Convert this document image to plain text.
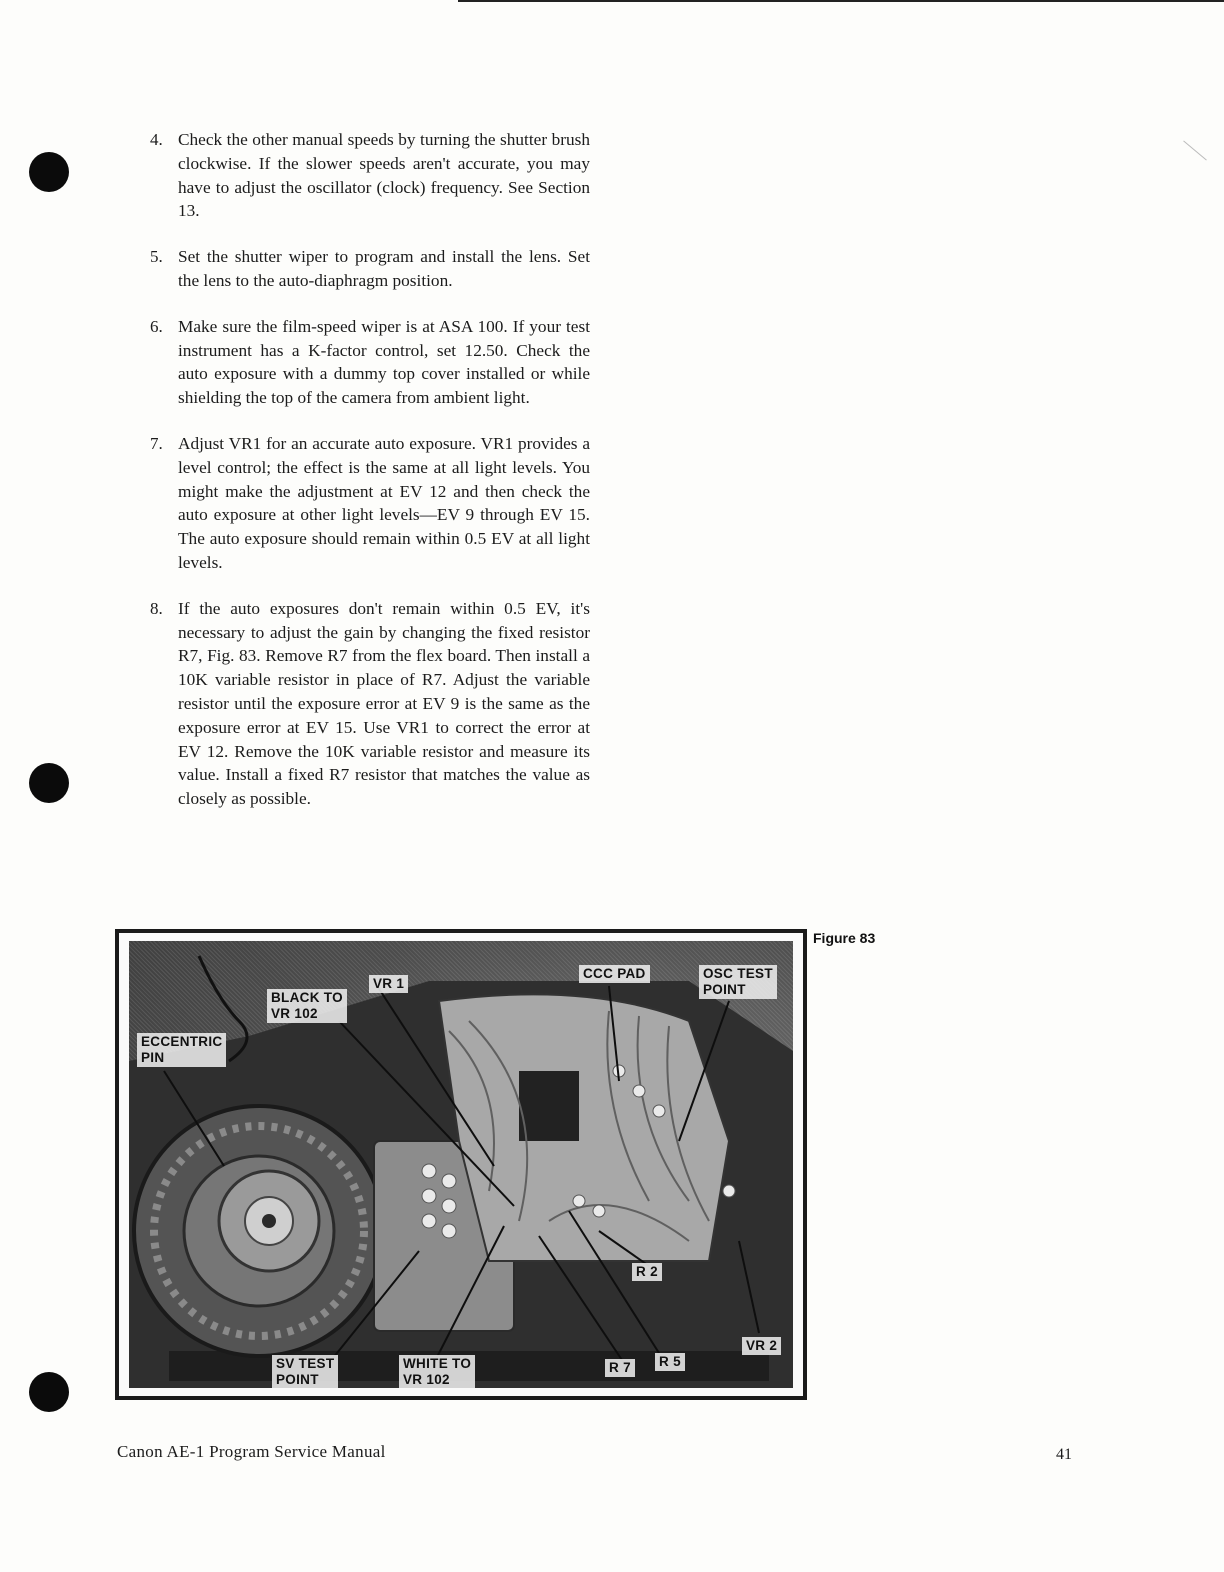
4. Check the other manual speeds by turning the shutter brush clockwise. If the slower speeds aren't accurate, you may have to adjust the oscillator (clock) frequency. See Section 13.

5. Set the shutter wiper to program and install the lens. Set the lens to the auto-diaphragm position.

6. Make sure the film-speed wiper is at ASA 100. If your test instrument has a K-factor control, set 12.50. Check the auto exposure with a dummy top cover installed or while shielding the top of the camera from ambient light.

7. Adjust VR1 for an accurate auto exposure. VR1 provides a level control; the effect is the same at all light levels. You might make the adjustment at EV 12 and then check the auto exposure at other light levels—EV 9 through EV 15. The auto exposure should remain within 0.5 EV at all light levels.

8. If the auto exposures don't remain within 0.5 EV, it's necessary to adjust the gain by changing the fixed resistor R7, Fig. 83. Remove R7 from the flex board. Then install a 10K variable resistor in place of R7. Adjust the variable resistor until the exposure error at EV 9 is the same as the exposure error at EV 15. Use VR1 to correct the error at EV 12. Remove the 10K variable resistor and measure its value. Install a fixed R7 resistor that matches the value as closely as possible.

ECCENTRIC
PIN
BLACK TO
VR 102
VR 1
CCC PAD	OSC TEST
POINT
R 2
VR 2
SV TEST
POINT
WHITE TO
VR 102
R 7 R 5
Figure 83
Canon AE-1 Program Service Manual	41
